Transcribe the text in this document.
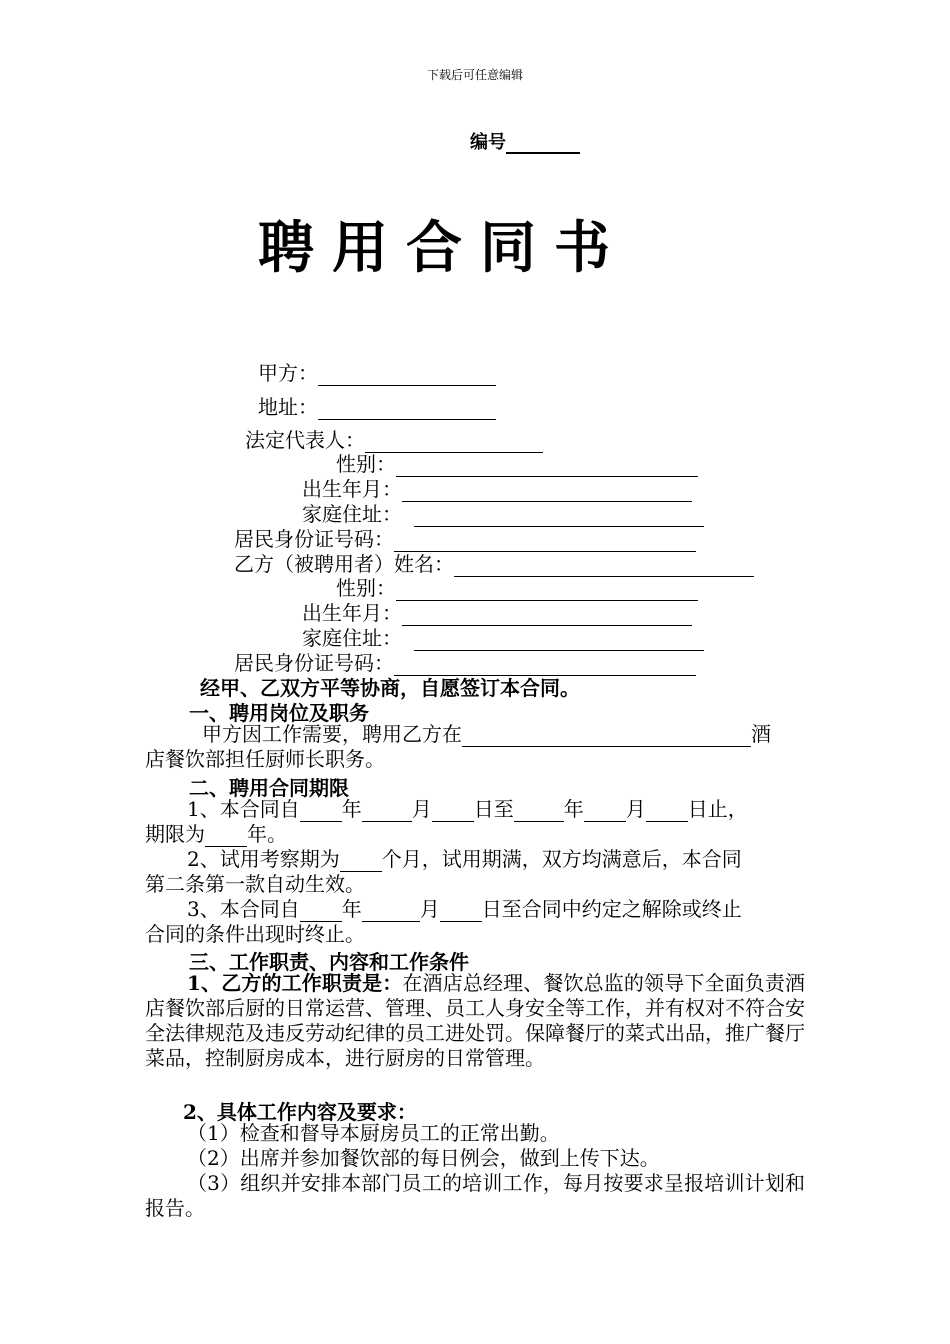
下载后可任意编辑
编号
聘用合同书
甲方：
地址：
法定代表人：
性别：
出生年月：
家庭住址：
居民身份证号码：
乙方（被聘用者）姓名：
性别：
出生年月：
家庭住址：
居民身份证号码：
经甲、乙双方平等协商，自愿签订本合同。
一、聘用岗位及职务
甲方因工作需要，聘用乙方在	酒
店餐饮部担任厨师长职务。
二、聘用合同期限
1、本合同自 年	月 日至	年 月 日止，
期限为 年。
2、试用考察期为 个月，试用期满，双方均满意后，本合同
第二条第一款自动生效。
3、本合同自 年	月 日至合同中约定之解除或终止
合同的条件出现时终止。
三、工作职责、内容和工作条件
1、乙方的工作职责是：在酒店总经理、餐饮总监的领导下全面负责酒店餐饮部后厨的日常运营、管理、员工人身安全等工作，并有权对不符合安全法律规范及违反劳动纪律的员工进处罚。保障餐厅的菜式出品，推广餐厅菜品，控制厨房成本，进行厨房的日常管理。
2、具体工作内容及要求：
（1）检查和督导本厨房员工的正常出勤。
（2）出席并参加餐饮部的每日例会，做到上传下达。
（3）组织并安排本部门员工的培训工作，每月按要求呈报培训计划和报告。
